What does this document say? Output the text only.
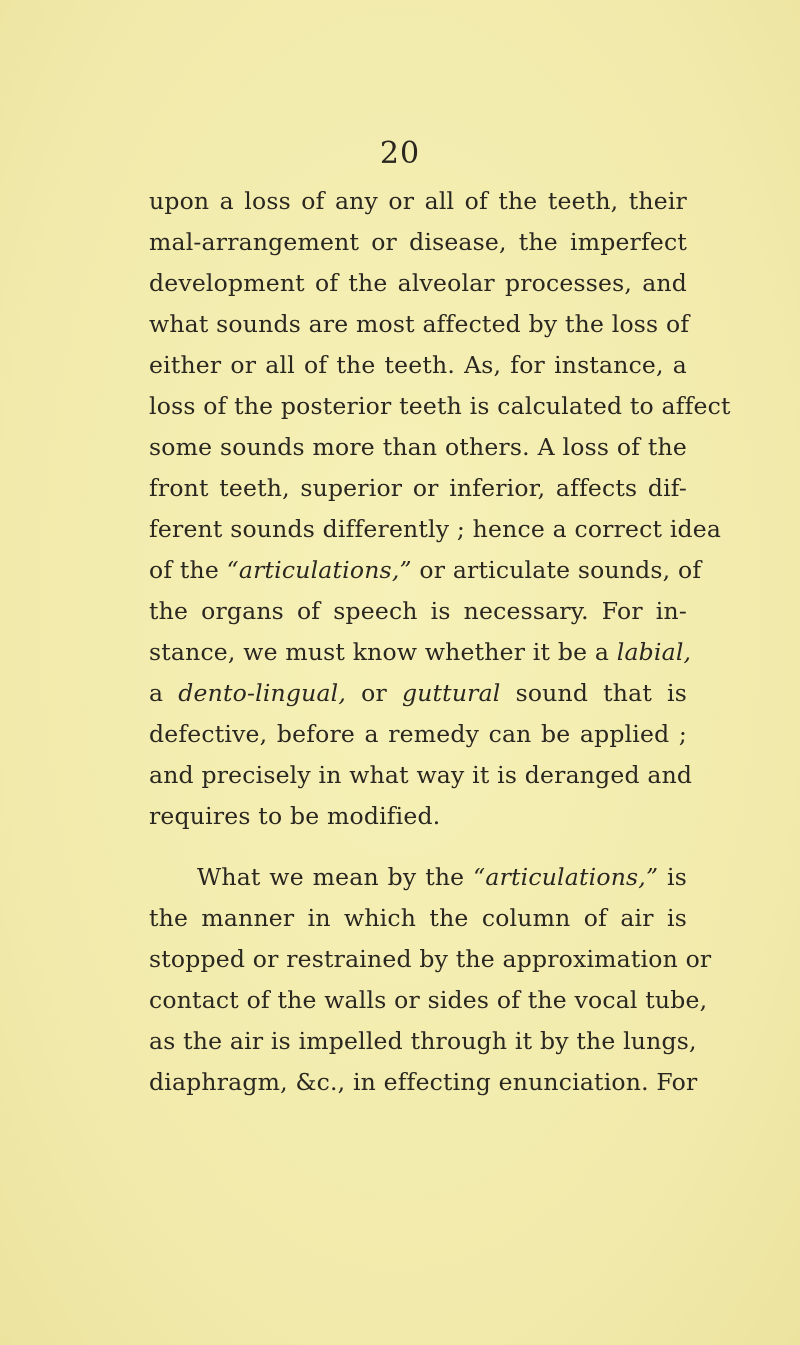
20

upon a loss of any or all of the teeth, their
mal-arrangement or disease, the imperfect
development of the alveolar processes, and
what sounds are most affected by the loss of
either or all of the teeth. As, for instance, a
loss of the posterior teeth is calculated to affect
some sounds more than others. A loss of the
front teeth, superior or inferior, affects dif-
ferent sounds differently ; hence a correct idea
of the “articulations,” or articulate sounds, of
the organs of speech is necessary. For in-
stance, we must know whether it be a labial,
a dento-lingual, or guttural sound that is
defective, before a remedy can be applied ;
and precisely in what way it is deranged and
requires to be modified.

What we mean by the “articulations,” is
the manner in which the column of air is
stopped or restrained by the approximation or
contact of the walls or sides of the vocal tube,
as the air is impelled through it by the lungs,
diaphragm, &c., in effecting enunciation. For
